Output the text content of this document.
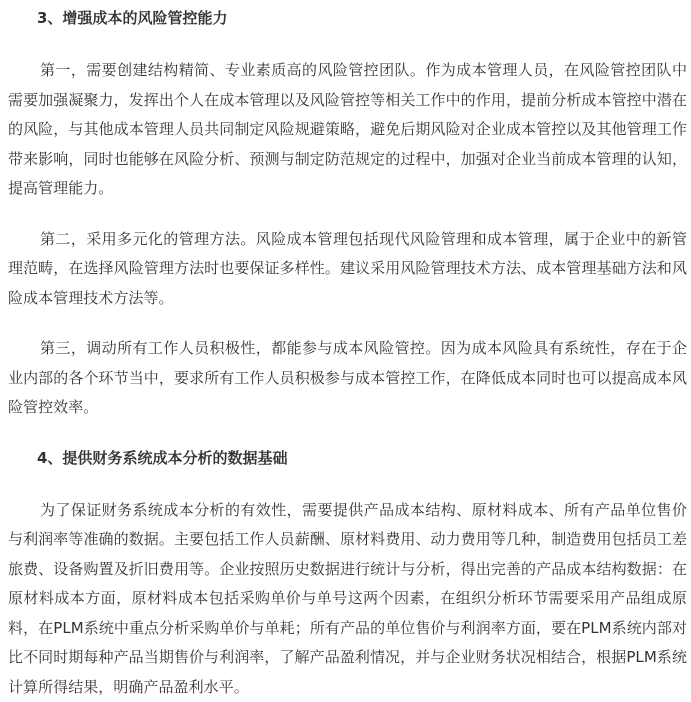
3、增强成本的风险管控能力

第一，需要创建结构精简、专业素质高的风险管控团队。作为成本管理人员，在风险管控团队中需要加强凝聚力，发挥出个人在成本管理以及风险管控等相关工作中的作用，提前分析成本管控中潜在的风险，与其他成本管理人员共同制定风险规避策略，避免后期风险对企业成本管控以及其他管理工作带来影响，同时也能够在风险分析、预测与制定防范规定的过程中，加强对企业当前成本管理的认知，提高管理能力。

第二，采用多元化的管理方法。风险成本管理包括现代风险管理和成本管理，属于企业中的新管理范畴，在选择风险管理方法时也要保证多样性。建议采用风险管理技术方法、成本管理基础方法和风险成本管理技术方法等。

第三，调动所有工作人员积极性，都能参与成本风险管控。因为成本风险具有系统性，存在于企业内部的各个环节当中，要求所有工作人员积极参与成本管控工作，在降低成本同时也可以提高成本风险管控效率。

4、提供财务系统成本分析的数据基础

为了保证财务系统成本分析的有效性，需要提供产品成本结构、原材料成本、所有产品单位售价与利润率等准确的数据。主要包括工作人员薪酬、原材料费用、动力费用等几种，制造费用包括员工差旅费、设备购置及折旧费用等。企业按照历史数据进行统计与分析，得出完善的产品成本结构数据：在原材料成本方面，原材料成本包括采购单价与单号这两个因素，在组织分析环节需要采用产品组成原料，在PLM系统中重点分析采购单价与单耗；所有产品的单位售价与利润率方面，要在PLM系统内部对比不同时期每种产品当期售价与利润率，了解产品盈利情况，并与企业财务状况相结合，根据PLM系统计算所得结果，明确产品盈利水平。
